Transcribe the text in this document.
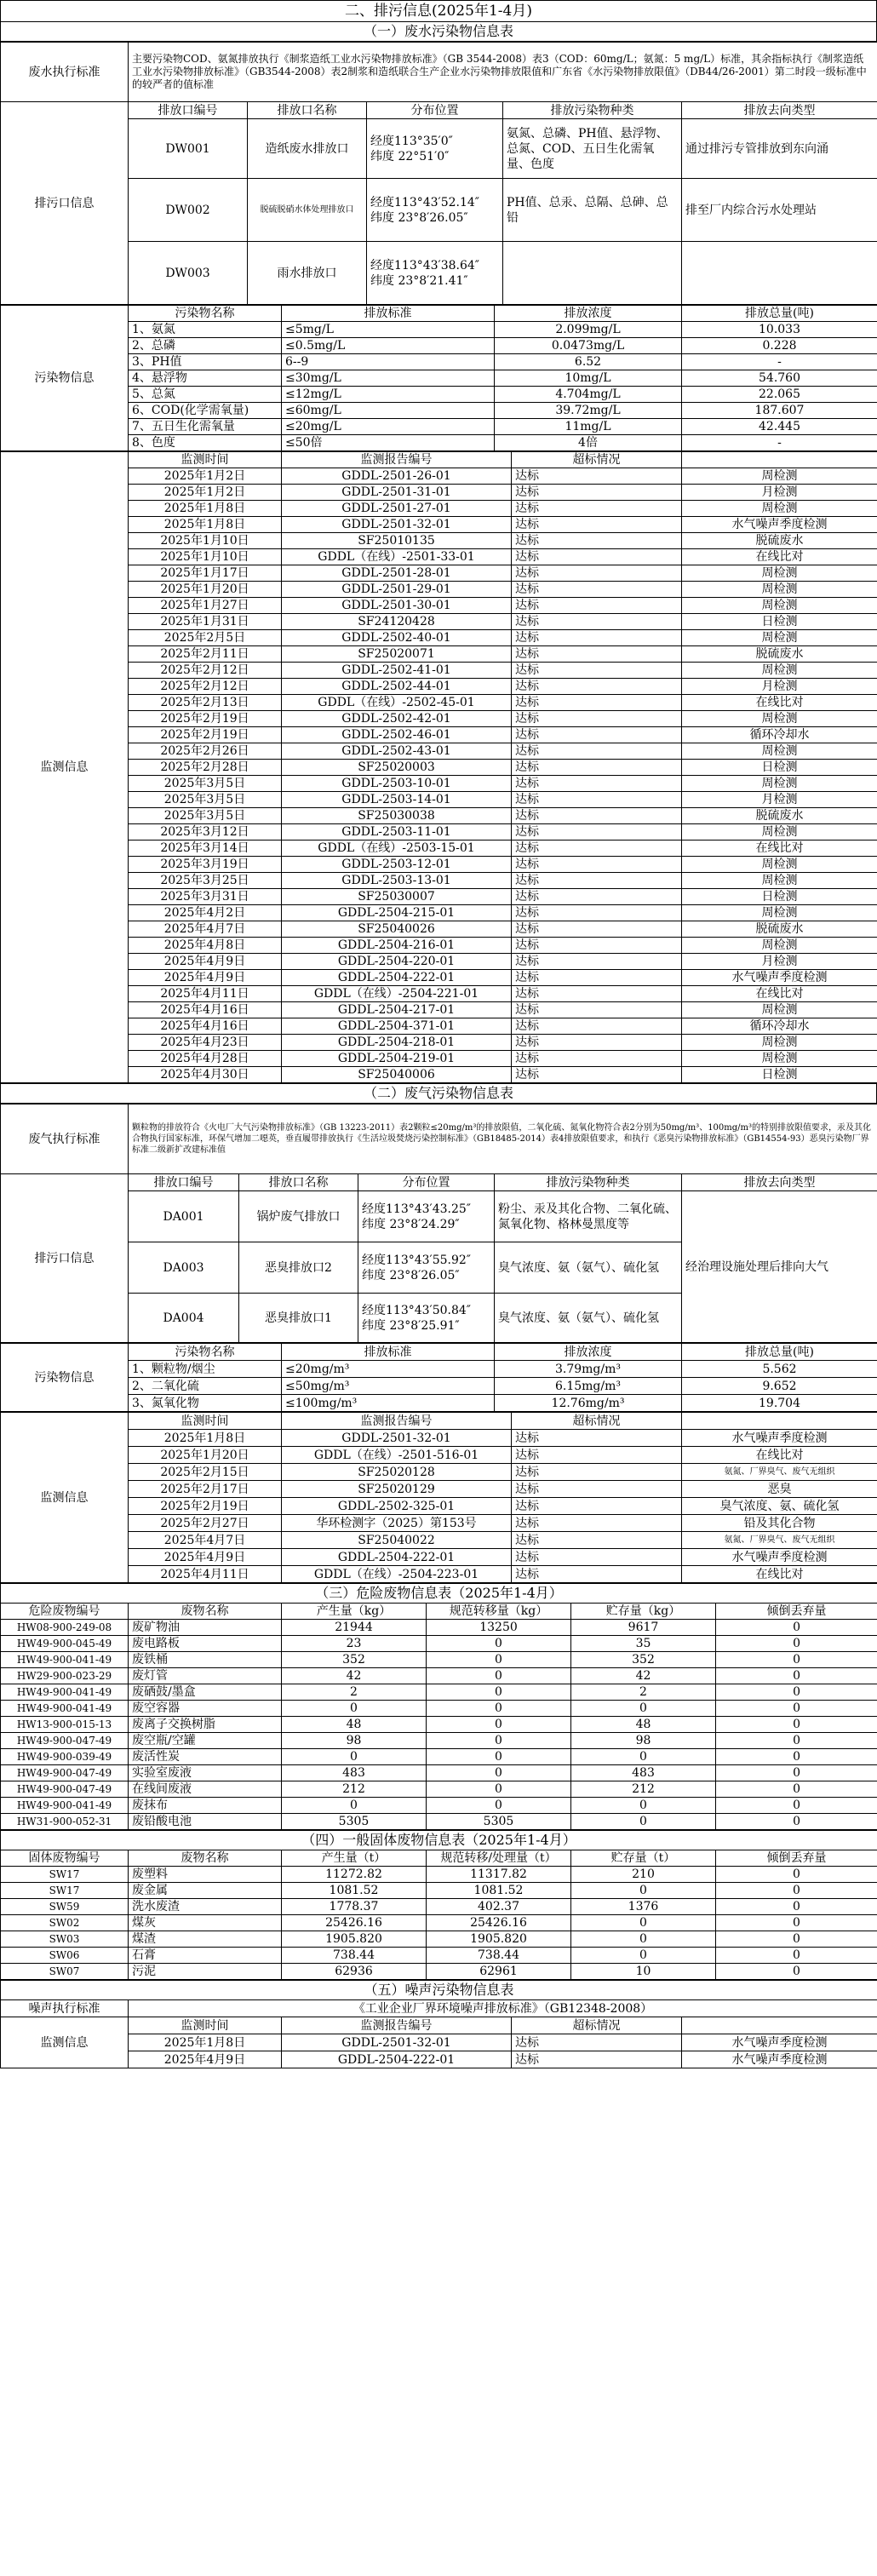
二、排污信息(2025年1-4月)
（一）废水污染物信息表
废水执行标准	主要污染物COD、氨氮排放执行《制浆造纸工业水污染物排放标准》（GB 3544-2008）表3（COD：60mg/L；氨氮：5 mg/L）标准，其余指标执行《制浆造纸工业水污染物排放标准》（GB3544-2008）表2制浆和造纸联合生产企业水污染物排放限值和广东省《水污染物排放限值》（DB44/26-2001）第二时段一级标准中的较严者的值标准				
排污口信息	排放口编号	排放口名称	分布位置	排放污染物种类	排放去向类型
	DW001	造纸废水排放口	经度113°35′0″
纬度 22°51′0″	氨氮、总磷、PH值、悬浮物、总氮、COD、五日生化需氧量、色度	通过排污专管排放到东向涌
	DW002	脱硫脱硝水体处理排放口	经度113°43′52.14″
纬度 23°8′26.05″	PH值、总汞、总隔、总砷、总铅	排至厂内综合污水处理站
	DW003	雨水排放口	经度113°43′38.64″
纬度 23°8′21.41″		

污染物信息	污染物名称	排放标准	排放浓度	排放总量(吨)
	1、氨氮	≤5mg/L	2.099mg/L	10.033
	2、总磷	≤0.5mg/L	0.0473mg/L	0.228
	3、PH值	6--9	6.52	-
	4、悬浮物	≤30mg/L	10mg/L	54.760
	5、总氮	≤12mg/L	4.704mg/L	22.065
	6、COD(化学需氧量)	≤60mg/L	39.72mg/L	187.607
	7、五日生化需氧量	≤20mg/L	11mg/L	42.445
	8、色度	≤50倍	4倍	-
监测信息	监测时间	监测报告编号	超标情况	
	2025年1月2日	GDDL-2501-26-01	达标	周检测
	2025年1月2日	GDDL-2501-31-01	达标	月检测
	2025年1月8日	GDDL-2501-27-01	达标	周检测
	2025年1月8日	GDDL-2501-32-01	达标	水气噪声季度检测
	2025年1月10日	SF25010135	达标	脱硫废水
	2025年1月10日	GDDL（在线）-2501-33-01	达标	在线比对
	2025年1月17日	GDDL-2501-28-01	达标	周检测
	2025年1月20日	GDDL-2501-29-01	达标	周检测
	2025年1月27日	GDDL-2501-30-01	达标	周检测
	2025年1月31日	SF24120428	达标	日检测
	2025年2月5日	GDDL-2502-40-01	达标	周检测
	2025年2月11日	SF25020071	达标	脱硫废水
	2025年2月12日	GDDL-2502-41-01	达标	周检测
	2025年2月12日	GDDL-2502-44-01	达标	月检测
	2025年2月13日	GDDL（在线）-2502-45-01	达标	在线比对
	2025年2月19日	GDDL-2502-42-01	达标	周检测
	2025年2月19日	GDDL-2502-46-01	达标	循环冷却水
	2025年2月26日	GDDL-2502-43-01	达标	周检测
	2025年2月28日	SF25020003	达标	日检测
	2025年3月5日	GDDL-2503-10-01	达标	周检测
	2025年3月5日	GDDL-2503-14-01	达标	月检测
	2025年3月5日	SF25030038	达标	脱硫废水
	2025年3月12日	GDDL-2503-11-01	达标	周检测
	2025年3月14日	GDDL（在线）-2503-15-01	达标	在线比对
	2025年3月19日	GDDL-2503-12-01	达标	周检测
	2025年3月25日	GDDL-2503-13-01	达标	周检测
	2025年3月31日	SF25030007	达标	日检测
	2025年4月2日	GDDL-2504-215-01	达标	周检测
	2025年4月7日	SF25040026	达标	脱硫废水
	2025年4月8日	GDDL-2504-216-01	达标	周检测
	2025年4月9日	GDDL-2504-220-01	达标	月检测
	2025年4月9日	GDDL-2504-222-01	达标	水气噪声季度检测
	2025年4月11日	GDDL（在线）-2504-221-01	达标	在线比对
	2025年4月16日	GDDL-2504-217-01	达标	周检测
	2025年4月16日	GDDL-2504-371-01	达标	循环冷却水
	2025年4月23日	GDDL-2504-218-01	达标	周检测
	2025年4月28日	GDDL-2504-219-01	达标	周检测
	2025年4月30日	SF25040006	达标	日检测
（二）废气污染物信息表
废气执行标准	颗粒物的排放符合《火电厂大气污染物排放标准》（GB 13223-2011）表2颗粒≤20mg/m³的排放限值，二氧化硫、氮氧化物符合表2分别为50mg/m³、100mg/m³的特别排放限值要求，汞及其化合物执行国家标准，环保气增加二噁英，垂直履带排放执行《生活垃圾焚烧污染控制标准》（GB18485-2014）表4排放限值要求，和执行《恶臭污染物排放标准》（GB14554-93）恶臭污染物厂界标准二级新扩改建标准值				
排污口信息	排放口编号	排放口名称	分布位置	排放污染物种类	排放去向类型
	DA001	锅炉废气排放口	经度113°43′43.25″
纬度 23°8′24.29″	粉尘、汞及其化合物、二氧化硫、氮氧化物、格林曼黑度等	经治理设施处理后排向大气
	DA003	恶臭排放口2	经度113°43′55.92″
纬度 23°8′26.05″	臭气浓度、氨（氨气）、硫化氢	
	DA004	恶臭排放口1	经度113°43′50.84″
纬度 23°8′25.91″	臭气浓度、氨（氨气）、硫化氢	
污染物信息	污染物名称	排放标准	排放浓度	排放总量(吨)
	1、颗粒物/烟尘	≤20mg/m³	3.79mg/m³	5.562
	2、二氧化硫	≤50mg/m³	6.15mg/m³	9.652
	3、氮氧化物	≤100mg/m³	12.76mg/m³	19.704
监测信息	监测时间	监测报告编号	超标情况	
	2025年1月8日	GDDL-2501-32-01	达标	水气噪声季度检测
	2025年1月20日	GDDL（在线）-2501-516-01	达标	在线比对
	2025年2月15日	SF25020128	达标	氨氮、厂界臭气、废气无组织
	2025年2月17日	SF25020129	达标	恶臭
	2025年2月19日	GDDL-2502-325-01	达标	臭气浓度、氨、硫化氢
	2025年2月27日	华环检测字（2025）第153号	达标	铅及其化合物
	2025年4月7日	SF25040022	达标	氨氮、厂界臭气、废气无组织
	2025年4月9日	GDDL-2504-222-01	达标	水气噪声季度检测
	2025年4月11日	GDDL（在线）-2504-223-01	达标	在线比对
（三）危险废物信息表（2025年1-4月）					
危险废物编号	废物名称	产生量（kg）	规范转移量（kg）	贮存量（kg）	倾倒丢弃量
HW08-900-249-08	废矿物油	21944	13250	9617	0
HW49-900-045-49	废电路板	23	0	35	0
HW49-900-041-49	废铁桶	352	0	352	0
HW29-900-023-29	废灯管	42	0	42	0
HW49-900-041-49	废硒鼓/墨盒	2	0	2	0
HW49-900-041-49	废空容器	0	0	0	0
HW13-900-015-13	废离子交换树脂	48	0	48	0
HW49-900-047-49	废空瓶/空罐	98	0	98	0
HW49-900-039-49	废活性炭	0	0	0	0
HW49-900-047-49	实验室废液	483	0	483	0
HW49-900-047-49	在线间废液	212	0	212	0
HW49-900-041-49	废抹布	0	0	0	0
HW31-900-052-31	废铅酸电池	5305	5305	0	0
（四）一般固体废物信息表（2025年1-4月）					
固体废物编号	废物名称	产生量（t）	规范转移/处理量（t）	贮存量（t）	倾倒丢弃量
SW17	废塑料	11272.82	11317.82	210	0
SW17	废金属	1081.52	1081.52	0	0
SW59	洗水废渣	1778.37	402.37	1376	0
SW02	煤灰	25426.16	25426.16	0	0
SW03	煤渣	1905.820	1905.820	0	0
SW06	石膏	738.44	738.44	0	0
SW07	污泥	62936	62961	10	0
（五）噪声污染物信息表				
噪声执行标准	《工业企业厂界环境噪声排放标准》（GB12348-2008）			
监测信息	监测时间	监测报告编号	超标情况	
	2025年1月8日	GDDL-2501-32-01	达标	水气噪声季度检测
	2025年4月9日	GDDL-2504-222-01	达标	水气噪声季度检测
